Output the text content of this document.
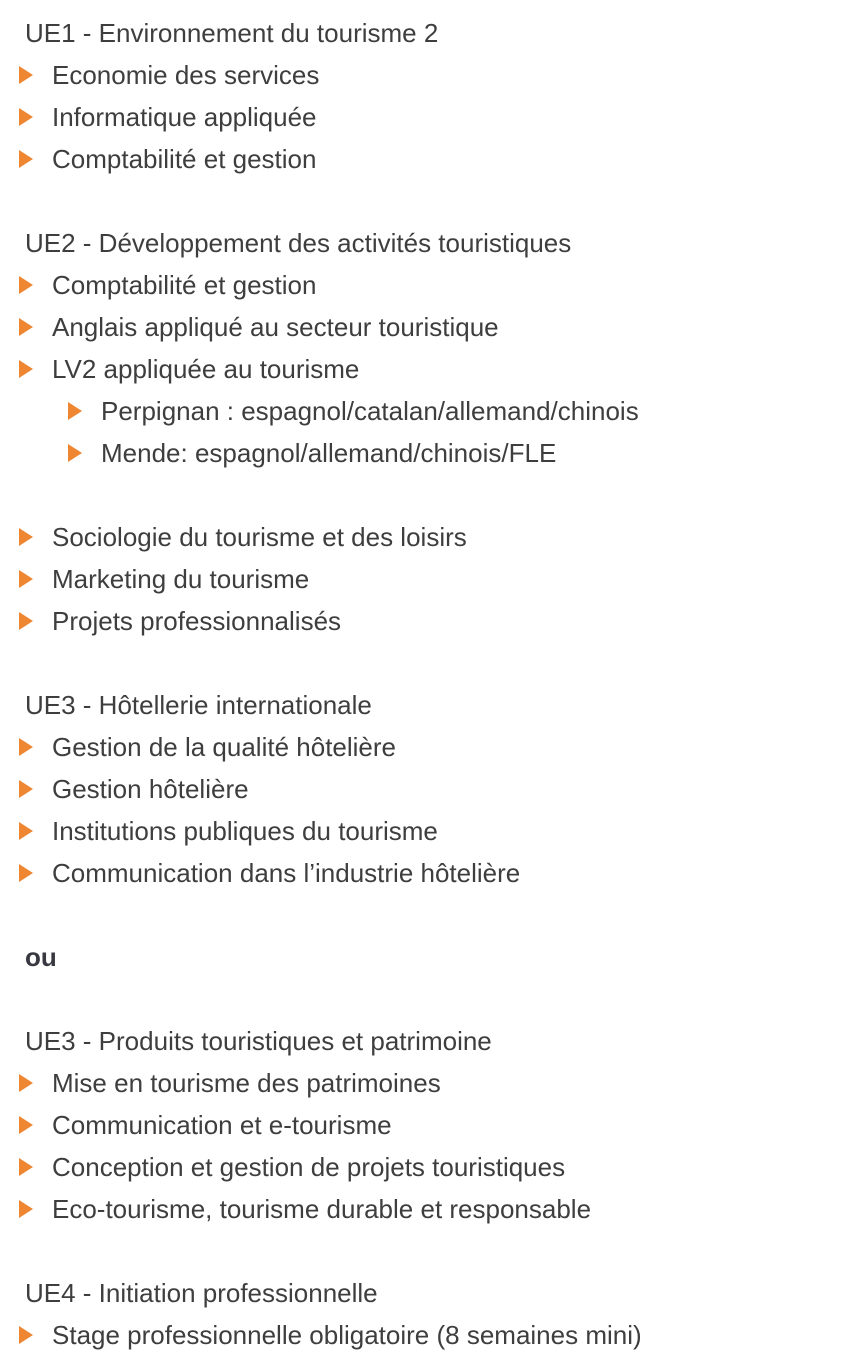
UE1 - Environnement du tourisme 2
Economie des services
Informatique appliquée
Comptabilité et gestion
UE2 - Développement des activités touristiques
Comptabilité et gestion
Anglais appliqué au secteur touristique
LV2 appliquée au tourisme
Perpignan : espagnol/catalan/allemand/chinois
Mende: espagnol/allemand/chinois/FLE
Sociologie du tourisme et des loisirs
Marketing du tourisme
Projets professionnalisés
UE3 - Hôtellerie internationale
Gestion de la qualité hôtelière
Gestion hôtelière
Institutions publiques du tourisme
Communication dans l’industrie hôtelière

ou

UE3 - Produits touristiques et patrimoine
Mise en tourisme des patrimoines
Communication et e-tourisme
Conception et gestion de projets touristiques
Eco-tourisme, tourisme durable et responsable
UE4 - Initiation professionnelle
Stage professionnelle obligatoire (8 semaines mini)
